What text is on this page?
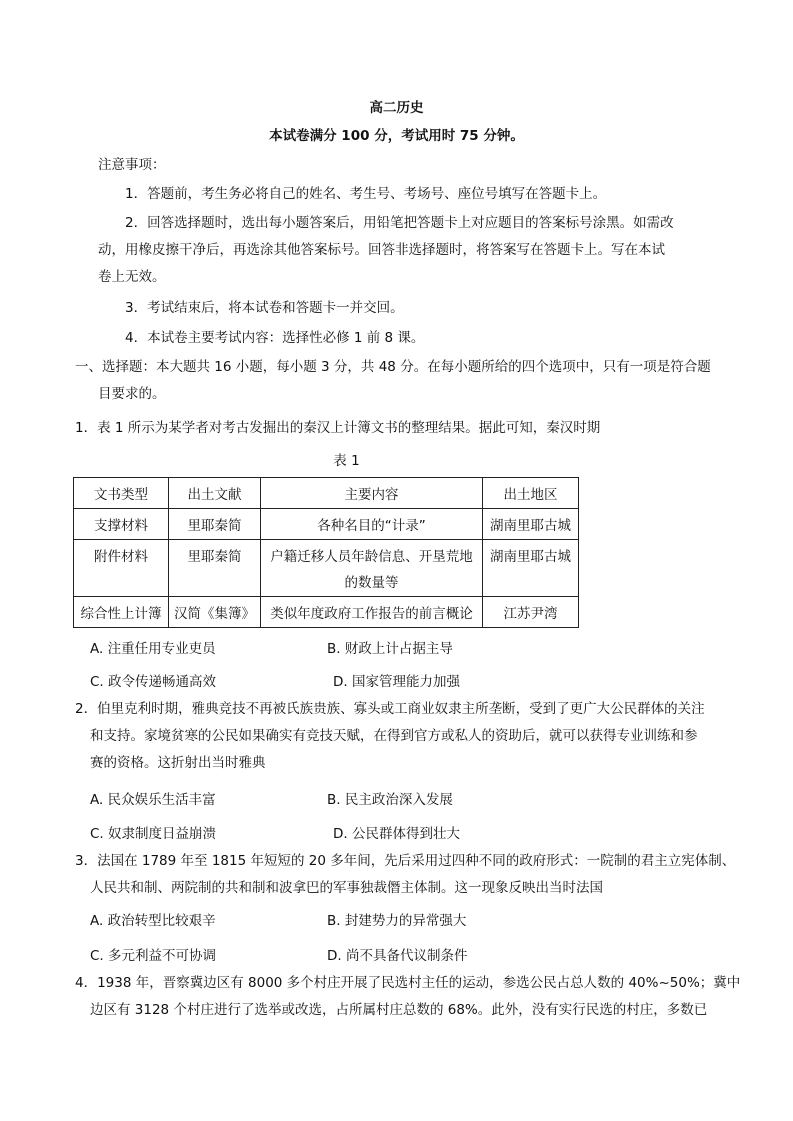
高二历史
本试卷满分 100 分，考试用时 75 分钟。
注意事项：
1．答题前，考生务必将自己的姓名、考生号、考场号、座位号填写在答题卡上。
2．回答选择题时，选出每小题答案后，用铅笔把答题卡上对应题目的答案标号涂黑。如需改
动，用橡皮擦干净后，再选涂其他答案标号。回答非选择题时，将答案写在答题卡上。写在本试
卷上无效。
3．考试结束后，将本试卷和答题卡一并交回。
4．本试卷主要考试内容：选择性必修 1 前 8 课。
一、选择题：本大题共 16 小题，每小题 3 分，共 48 分。在每小题所给的四个选项中，只有一项是符合题
目要求的。
1．表 1 所示为某学者对考古发掘出的秦汉上计簿文书的整理结果。据此可知，秦汉时期
表 1
文书类型	出土文献	主要内容	出土地区
支撑材料	里耶秦简	各种名目的“计录”	湖南里耶古城
附件材料	里耶秦简	户籍迁移人员年龄信息、开垦荒地
的数量等	湖南里耶古城
综合性上计簿	汉简《集簿》	类似年度政府工作报告的前言概论	江苏尹湾
A. 注重任用专业吏员	B. 财政上计占据主导
C. 政令传递畅通高效	D. 国家管理能力加强
2．伯里克利时期，雅典竞技不再被氏族贵族、寡头或工商业奴隶主所垄断，受到了更广大公民群体的关注
和支持。家境贫寒的公民如果确实有竞技天赋，在得到官方或私人的资助后，就可以获得专业训练和参
赛的资格。这折射出当时雅典
A. 民众娱乐生活丰富	B. 民主政治深入发展
C. 奴隶制度日益崩溃	D. 公民群体得到壮大
3．法国在 1789 年至 1815 年短短的 20 多年间，先后采用过四种不同的政府形式：一院制的君主立宪体制、
人民共和制、两院制的共和制和波拿巴的军事独裁僭主体制。这一现象反映出当时法国
A. 政治转型比较艰辛	B. 封建势力的异常强大
C. 多元利益不可协调	D. 尚不具备代议制条件
4．1938 年，晋察冀边区有 8000 多个村庄开展了民选村主任的运动，参选公民占总人数的 40%~50%；冀中
边区有 3128 个村庄进行了选举或改选，占所属村庄总数的 68%。此外，没有实行民选的村庄，多数已
